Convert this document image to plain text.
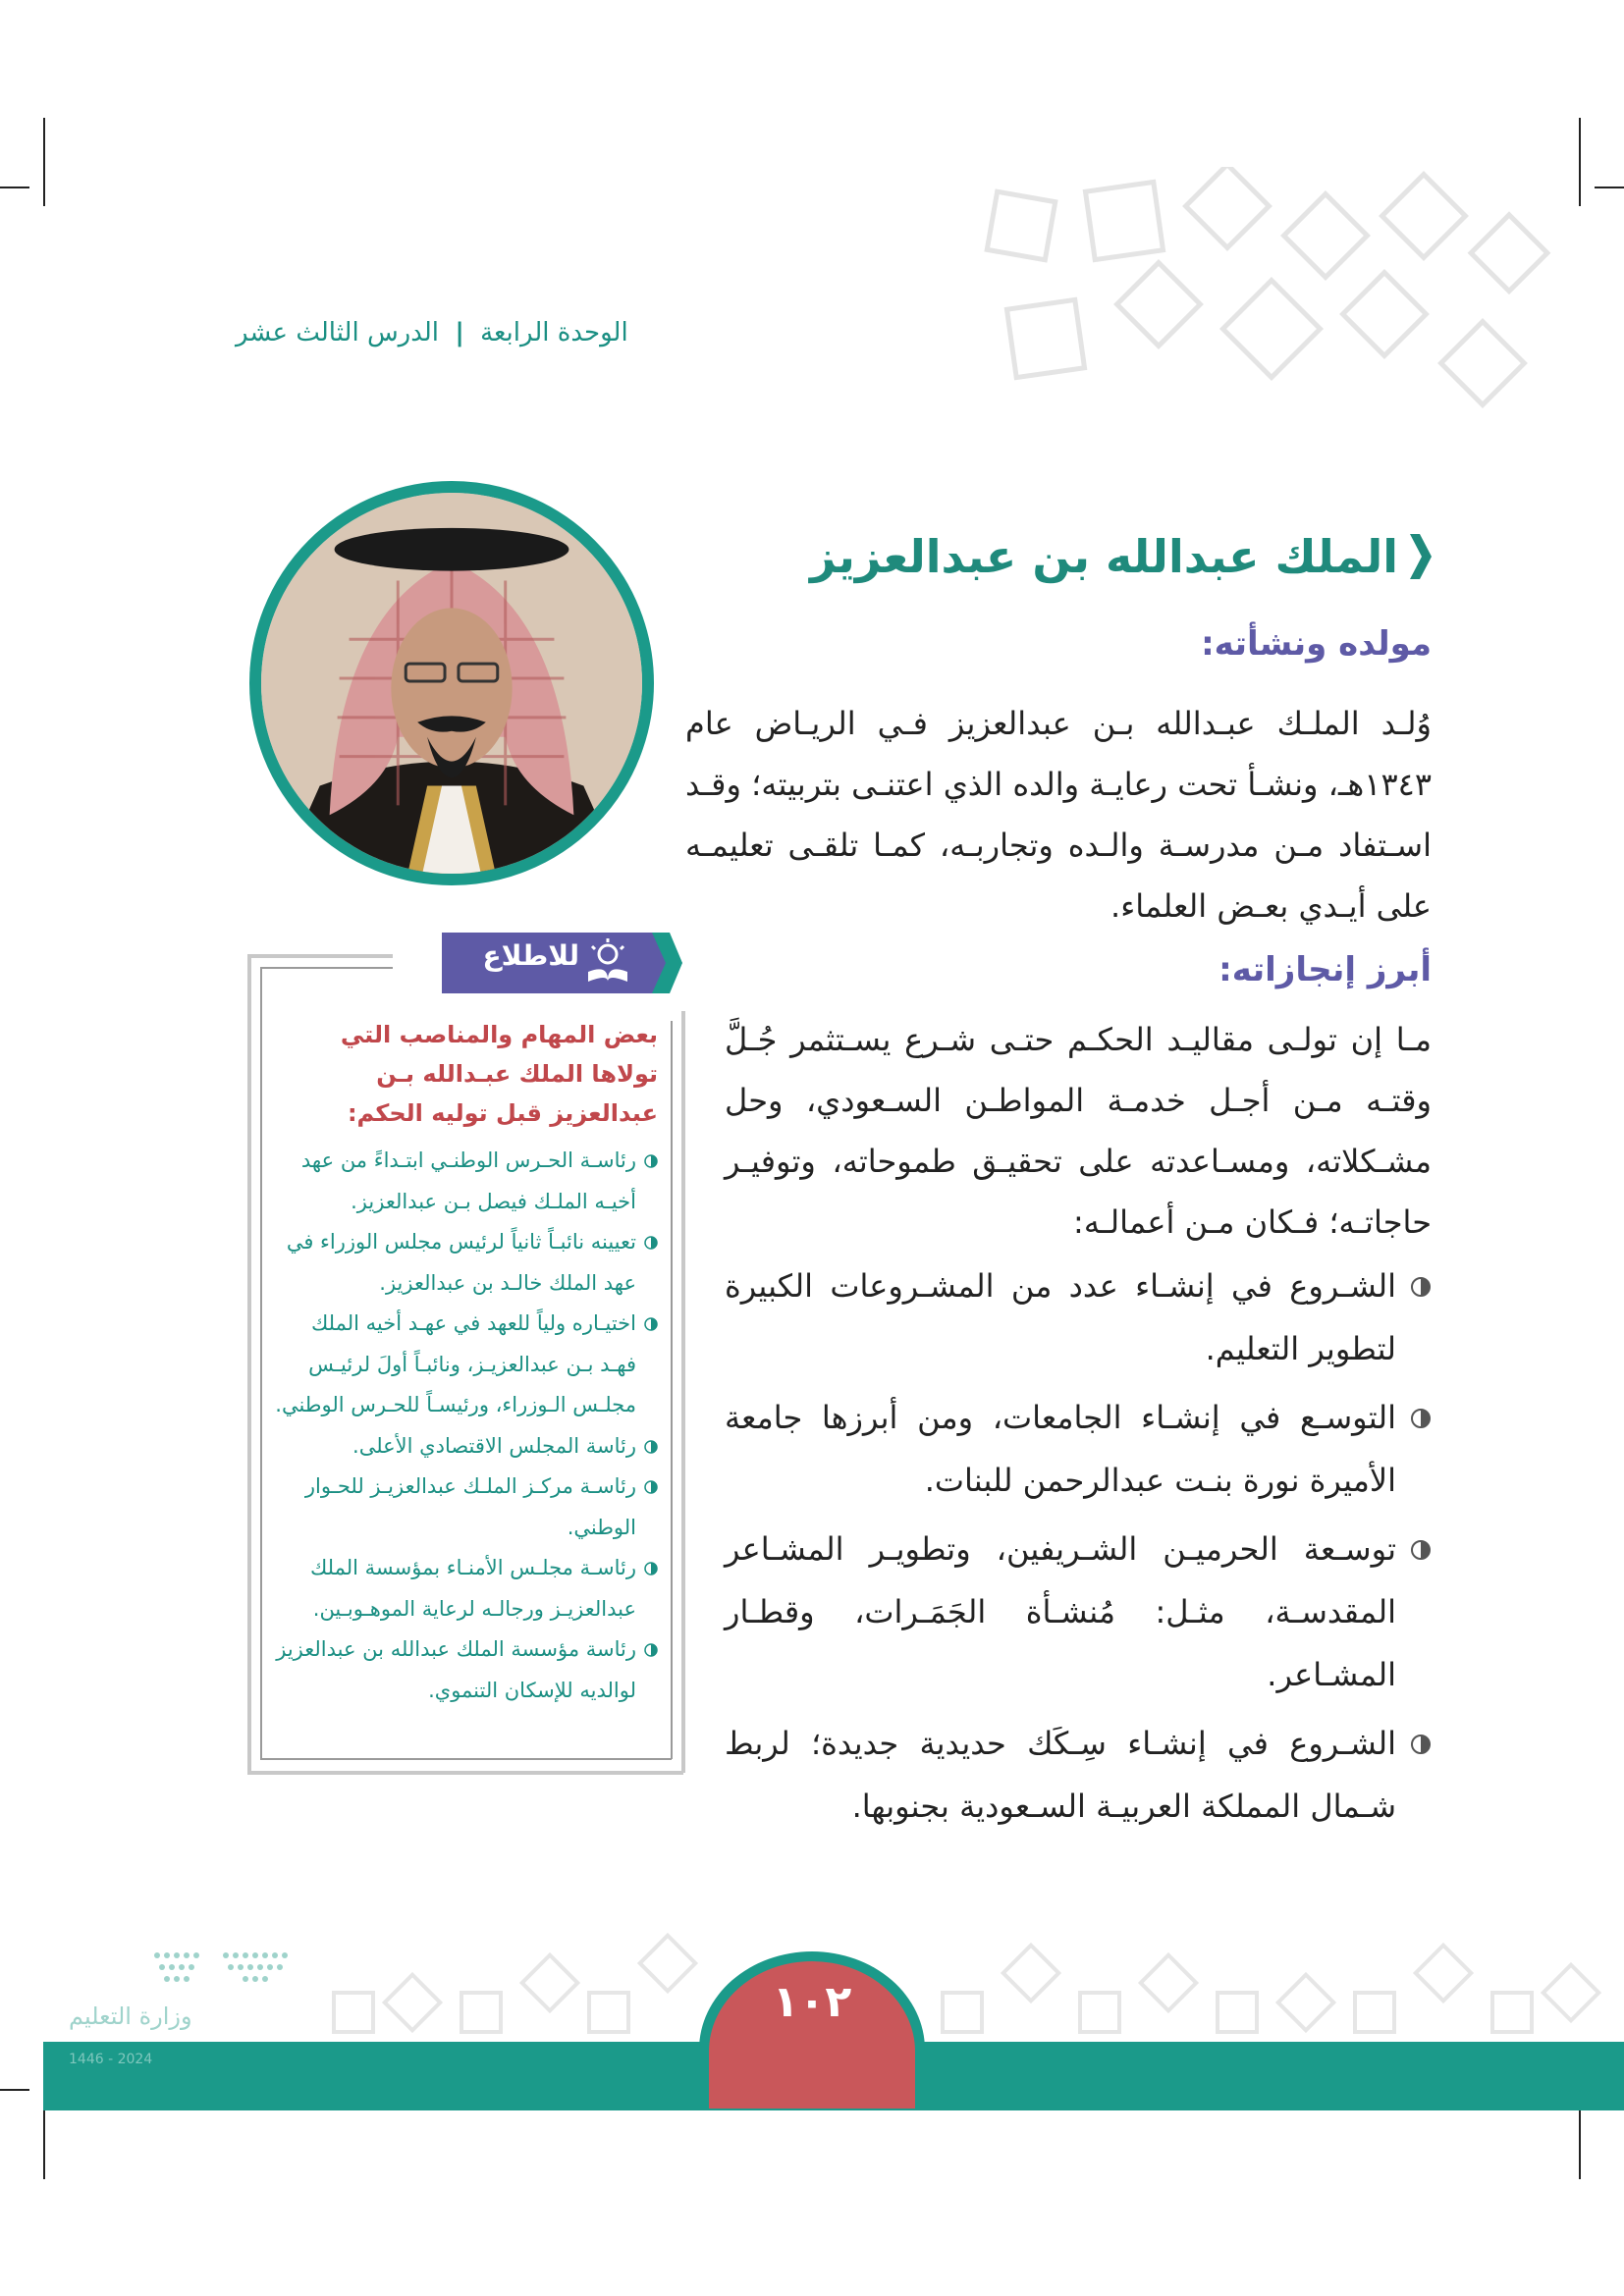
الوحدة الرابعة | الدرس الثالث عشر
الملك عبدالله بن عبدالعزيز
مولده ونشأته:
وُلـد الملـك عبـدالله بـن عبدالعزيز فـي الريـاض عام ١٣٤٣هـ، ونشـأ تحت رعايـة والده الذي اعتنـى بتربيته؛ وقـد اسـتفاد مـن مدرسـة والـده وتجاربـه، كمـا تلقـى تعليمـه على أيـدي بعـض العلماء.
أبرز إنجازاته:
مـا إن تولـى مقاليـد الحكـم حتـى شـرع يسـتثمر جُـلَّ وقتـه مـن أجـل خدمـة المواطـن السـعودي، وحل مشـكلاته، ومسـاعدته على تحقيـق طموحاته، وتوفيـر حاجاتـه؛ فـكان مـن أعمالـه:
الشـروع في إنشـاء عدد من المشـروعات الكبيرة لتطوير التعليم.
التوسـع في إنشـاء الجامعات، ومن أبرزها جامعة الأميرة نورة بنـت عبدالرحمن للبنات.
توسـعة الحرميـن الشـريفين، وتطويـر المشـاعر المقدسـة، مثـل: مُنشـأة الجَمَـرات، وقطـار المشـاعر.
الشـروع في إنشـاء سِـكَك حديدية جديدة؛ لربط شـمال المملكة العربيـة السـعودية بجنوبها.
للاطلاع
بعض المهام والمناصب التي تولاها الملك عبـدالله بـن عبدالعزيز قبل توليه الحكم:
رئاسـة الحـرس الوطنـي ابتـداءً من عهد أخيـه الملـك فيصل بـن عبدالعزيز.
تعيينه نائبـاً ثانياً لرئيس مجلس الوزراء في عهد الملك خالـد بن عبدالعزيز.
اختيـاره ولياً للعهد في عهـد أخيه الملك فهـد بـن عبدالعزيـز، ونائبـاً أولَ لرئيـس مجلـس الـوزراء، ورئيسـاً للحـرس الوطني.
رئاسة المجلس الاقتصادي الأعلى.
رئاسـة مركـز الملـك عبدالعزيـز للحـوار الوطني.
رئاسـة مجلـس الأمنـاء بمؤسسة الملك عبدالعزيـز ورجالـه لرعاية الموهـوبـين.
رئاسة مؤسسة الملك عبدالله بن عبدالعزيز لوالديه للإسكان التنموي.
١٠٢
وزارة التعليم
2024 - 1446
